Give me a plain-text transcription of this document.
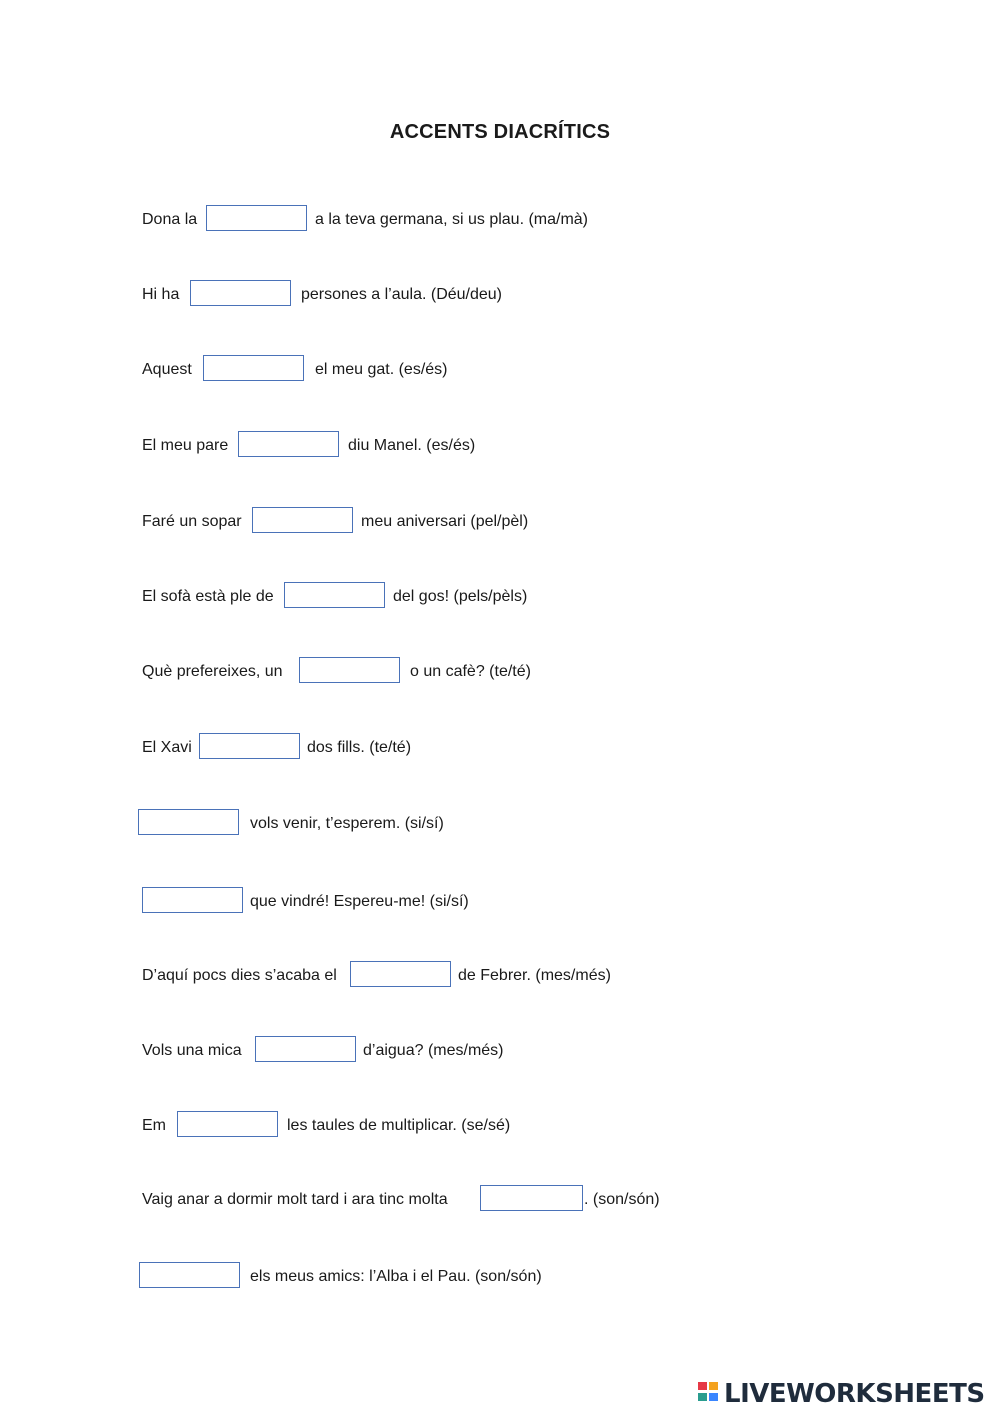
ACCENTS DIACRÍTICS
Dona la	a la teva germana, si us plau. (ma/mà)
Hi ha	persones a l’aula. (Déu/deu)
Aquest	el meu gat. (es/és)
El meu pare	diu Manel. (es/és)
Faré un sopar	meu aniversari (pel/pèl)
El sofà està ple de	del gos! (pels/pèls)
Què prefereixes, un	o un cafè? (te/té)
El Xavi	dos fills. (te/té)
vols venir, t’esperem. (si/sí)
que vindré! Espereu-me! (si/sí)
D’aquí pocs dies s’acaba el	de Febrer. (mes/més)
Vols una mica	d’aigua? (mes/més)
Em	les taules de multiplicar. (se/sé)
Vaig anar a dormir molt tard i ara tinc molta	. (son/són)
els meus amics: l’Alba i el Pau. (son/són)
LIVEWORKSHEETS
